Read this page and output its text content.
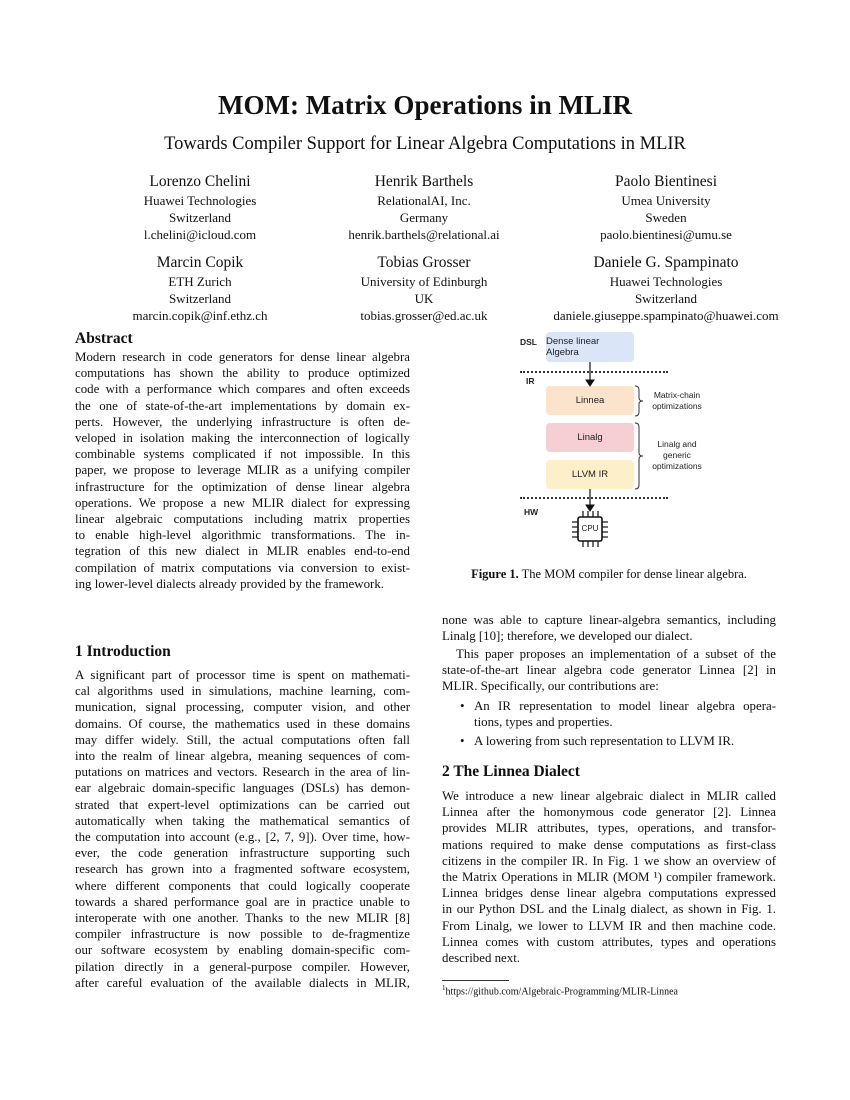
MOM: Matrix Operations in MLIR
Towards Compiler Support for Linear Algebra Computations in MLIR
Lorenzo Chelini
Huawei Technologies
Switzerland
l.chelini@icloud.com
Henrik Barthels
RelationalAI, Inc.
Germany
henrik.barthels@relational.ai
Paolo Bientinesi
Umea University
Sweden
paolo.bientinesi@umu.se
Marcin Copik
ETH Zurich
Switzerland
marcin.copik@inf.ethz.ch
Tobias Grosser
University of Edinburgh
UK
tobias.grosser@ed.ac.uk
Daniele G. Spampinato
Huawei Technologies
Switzerland
daniele.giuseppe.spampinato@huawei.com
Abstract
Modern research in code generators for dense linear algebra
computations has shown the ability to produce optimized
code with a performance which compares and often exceeds
the one of state-of-the-art implementations by domain ex-
perts. However, the underlying infrastructure is often de-
veloped in isolation making the interconnection of logically
combinable systems complicated if not impossible. In this
paper, we propose to leverage MLIR as a unifying compiler
infrastructure for the optimization of dense linear algebra
operations. We propose a new MLIR dialect for expressing
linear algebraic computations including matrix properties
to enable high-level algorithmic transformations. The in-
tegration of this new dialect in MLIR enables end-to-end
compilation of matrix computations via conversion to exist-
ing lower-level dialects already provided by the framework.
1 Introduction
A significant part of processor time is spent on mathemati-
cal algorithms used in simulations, machine learning, com-
munication, signal processing, computer vision, and other
domains. Of course, the mathematics used in these domains
may differ widely. Still, the actual computations often fall
into the realm of linear algebra, meaning sequences of com-
putations on matrices and vectors. Research in the area of lin-
ear algebraic domain-specific languages (DSLs) has demon-
strated that expert-level optimizations can be carried out
automatically when taking the mathematical semantics of
the computation into account (e.g., [2, 7, 9]). Over time, how-
ever, the code generation infrastructure supporting such
research has grown into a fragmented software ecosystem,
where different components that could logically cooperate
towards a shared performance goal are in practice unable to
interoperate with one another. Thanks to the new MLIR [8]
compiler infrastructure is now possible to de-fragmentize
our software ecosystem by enabling domain-specific com-
pilation directly in a general-purpose compiler. However,
after careful evaluation of the available dialects in MLIR,
DSL Dense linear Algebra
IR
Linnea
Linalg
LLVM IR
HW
CPU
Matrix-chain optimizations
Linalg and generic optimizations
Figure 1. The MOM compiler for dense linear algebra.
none was able to capture linear-algebra semantics, including
Linalg [10]; therefore, we developed our dialect.
This paper proposes an implementation of a subset of the
state-of-the-art linear algebra code generator Linnea [2] in
MLIR. Specifically, our contributions are:
• An IR representation to model linear algebra opera-
tions, types and properties.
• A lowering from such representation to LLVM IR.
2 The Linnea Dialect
We introduce a new linear algebraic dialect in MLIR called
Linnea after the homonymous code generator [2]. Linnea
provides MLIR attributes, types, operations, and transfor-
mations required to make dense computations as first-class
citizens in the compiler IR. In Fig. 1 we show an overview of
the Matrix Operations in MLIR (MOM ¹) compiler framework.
Linnea bridges dense linear algebra computations expressed
in our Python DSL and the Linalg dialect, as shown in Fig. 1.
From Linalg, we lower to LLVM IR and then machine code.
Linnea comes with custom attributes, types and operations
described next.
$^1$https://github.com/Algebraic-Programming/MLIR-Linnea
